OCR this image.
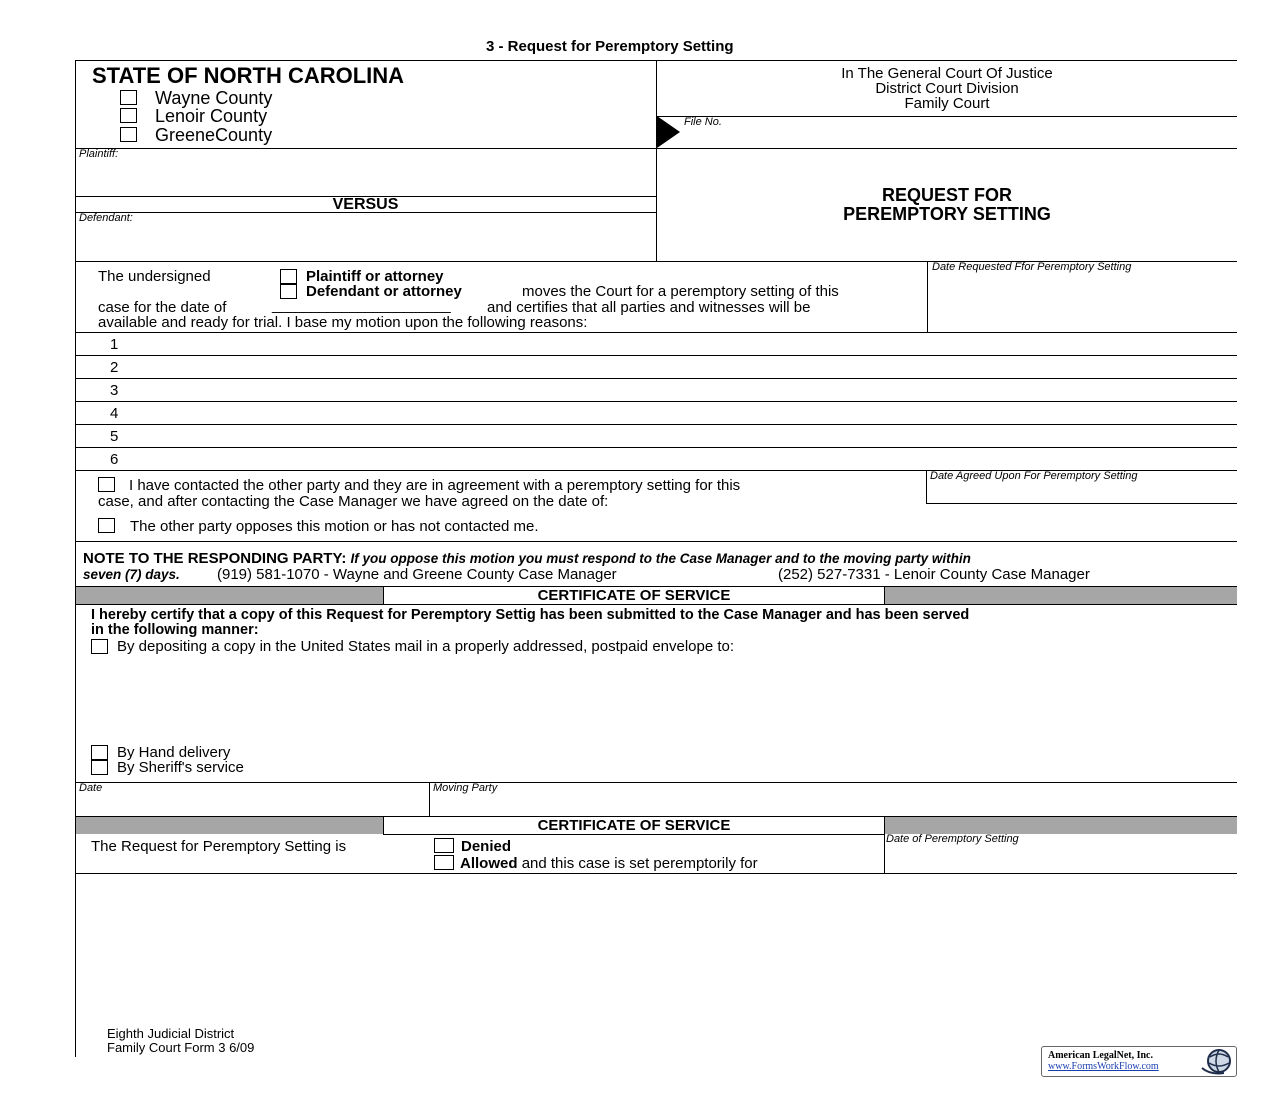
3 - Request for Peremptory Setting
STATE OF NORTH CAROLINA
Wayne County
Lenoir County
GreeneCounty
In The General Court Of Justice
District Court Division
Family Court
File No.
Plaintiff:
VERSUS
Defendant:
REQUEST FOR
PEREMPTORY SETTING
The undersigned	Plaintiff or attorney
Defendant or attorney	moves the Court for a peremptory setting of this
case for the date of	_______________________ and certifies that all parties and witnesses will be
available and ready for trial. I base my motion upon the following reasons:
Date Requested Ffor Peremptory Setting
1
2
3
4
5
6
I have contacted the other party and they are in agreement with a peremptory setting for this
case, and after contacting the Case Manager we have agreed on the date of:
Date Agreed Upon For Peremptory Setting
The other party opposes this motion or has not contacted me.
NOTE TO THE RESPONDING PARTY: If you oppose this motion you must respond to the Case Manager and to the moving party within
seven (7) days. (919) 581-1070 - Wayne and Greene County Case Manager	(252) 527-7331 - Lenoir County Case Manager
CERTIFICATE OF SERVICE
I hereby certify that a copy of this Request for Peremptory Settig has been submitted to the Case Manager and has been served
in the following manner:
By depositing a copy in the United States mail in a properly addressed, postpaid envelope to:
By Hand delivery
By Sheriff's service
Date	Moving Party
CERTIFICATE OF SERVICE
The Request for Peremptory Setting is	Denied
Allowed and this case is set peremptorily for
Date of Peremptory Setting
Eighth Judicial District
Family Court Form 3 6/09
American LegalNet, Inc.
www.FormsWorkFlow.com
